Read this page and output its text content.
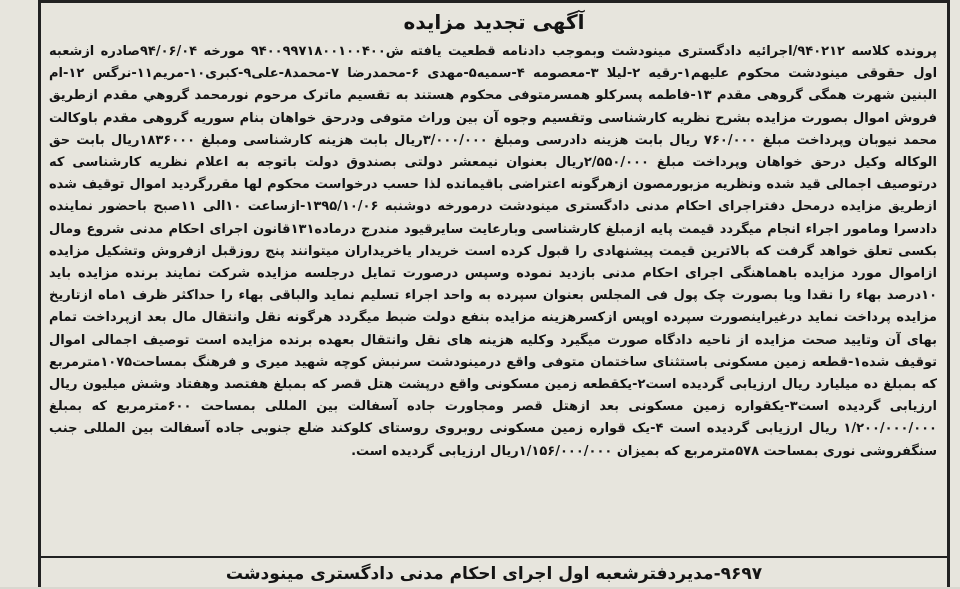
آگهی تجدید مزایده
پرونده کلاسه ۹۴۰۲۱۲/اجرائیه دادگستری مینودشت وبموجب دادنامه قطعیت یافته ش۹۴۰۰۹۹۷۱۸۰۰۱۰۰۴۰۰ مورخه ۹۴/۰۶/۰۴صادره ازشعبه اول حقوقی مینودشت محکوم علیهم۱-رقیه ۲-لیلا ۳-معصومه ۴-سمیه۵-مهدی ۶-محمدرضا ۷-محمد۸-علی۹-کبری۱۰-مریم۱۱-نرگس ۱۲-ام البنین شهرت همگی گروهی مقدم ۱۳-فاطمه پسرکلو همسرمتوفی محکوم هستند به تقسیم ماترک مرحوم نورمحمد گروهي مقدم ازطریق فروش اموال بصورت مزایده بشرح نظریه کارشناسی وتقسیم وجوه آن بین وراث متوفی ودرحق خواهان بنام سوریه گروهی مقدم باوکالت محمد نیوبان وپرداخت مبلغ ۷۶۰/۰۰۰ ریال بابت هزینه دادرسی ومبلغ ۳/۰۰۰/۰۰۰ریال بابت هزینه کارشناسی ومبلغ ۱۸۳۶۰۰۰ریال بابت حق الوکاله وکیل درحق خواهان وپرداخت مبلغ ۲/۵۵۰/۰۰۰ریال بعنوان نیمعشر دولتی بصندوق دولت باتوجه به اعلام نظریه کارشناسی که درتوصیف اجمالی قید شده ونظریه مزبورمصون ازهرگونه اعتراضی باقیمانده لذا حسب درخواست محکوم لها مقررگردید اموال توقیف شده ازطریق مزایده درمحل دفتراجرای احکام مدنی دادگستری مینودشت درمورخه دوشنبه ۱۳۹۵/۱۰/۰۶-ازساعت ۱۰الی ۱۱صبح باحضور نماینده دادسرا ومامور اجراء انجام میگردد قیمت پایه ازمبلغ کارشناسی وبارعایت سایرقیود مندرج درماده۱۳۱قانون اجرای احکام مدنی شروع ومال بکسی تعلق خواهد گرفت که بالاترین قیمت پیشنهادی را قبول کرده است خریدار یاخریداران میتوانند پنج روزقبل ازفروش وتشکیل مزایده ازاموال مورد مزایده باهماهنگی اجرای احکام مدنی بازدید نموده وسپس درصورت تمایل درجلسه مزایده شرکت نمایند برنده مزایده باید ۱۰درصد بهاء را نقدا ویا بصورت چک پول فی المجلس بعنوان سپرده به واحد اجراء تسلیم نماید والباقی بهاء را حداکثر ظرف ۱ماه ازتاریخ مزایده پرداخت نماید درغیراینصورت سپرده اوپس ازکسرهزینه مزایده بنفع دولت ضبط میگردد هرگونه نقل وانتقال مال بعد ازپرداخت تمام بهای آن وتایید صحت مزایده از ناحیه دادگاه صورت میگیرد وکلیه هزینه های نقل وانتقال بعهده برنده مزایده است توصیف اجمالی اموال توقیف شده۱-قطعه زمین مسکونی باستثنای ساختمان متوفی واقع درمینودشت سرنبش کوچه شهید میری و فرهنگ بمساحت۱۰۷۵مترمربع که بمبلغ ده میلیارد ریال ارزیابی گردیده است۲-یکقطعه زمین مسکونی واقع درپشت هتل قصر که بمبلغ هفتصد وهفتاد وشش میلیون ریال ارزیابی گردیده است۳-یکقواره زمین مسکونی بعد ازهتل قصر ومجاورت جاده آسفالت بین المللی بمساحت ۶۰۰مترمربع که بمبلغ ۱/۲۰۰/۰۰۰/۰۰۰ ریال ارزیابی گردیده است ۴-یک قواره زمین مسکونی روبروی روستای کلوکند ضلع جنوبی جاده آسفالت بین المللی جنب سنگفروشی نوری بمساحت ۵۷۸مترمربع که بمیزان ۱/۱۵۶/۰۰۰/۰۰۰ریال ارزیابی گردیده است.
۹۶۹۷-مدیردفترشعبه اول اجرای احکام مدنی دادگستری مینودشت
